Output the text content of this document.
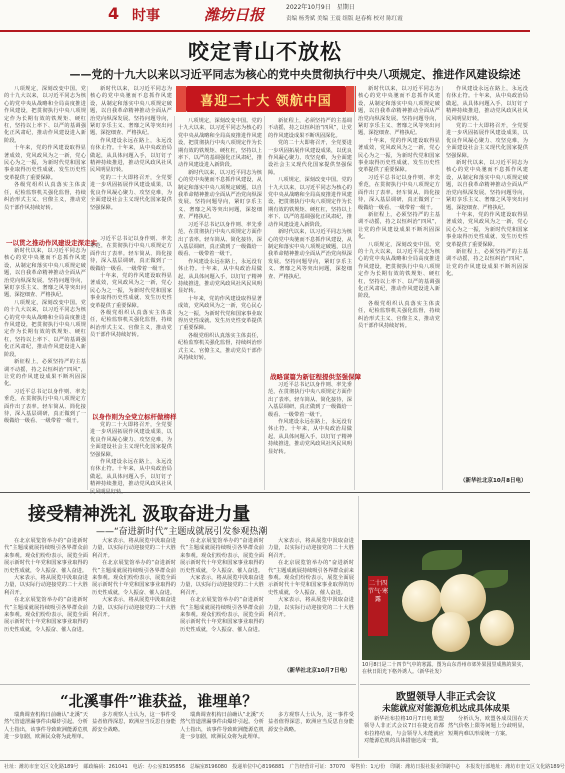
4 时事	潍坊日报	2022年10月9日　星期日
责编 杨秀斌 美编 王震 组版 赵春梅 校对 陈红霞
咬定青山不放松
——党的十九大以来以习近平同志为核心的党中央贯彻执行中央八项规定、推进作风建设综述
喜迎二十大 领航中国

八项规定，深刻改变中国。党的十九大以来，以习近平同志为核心的党中央从战略和全局高度推进作风建设，把贯彻执行中央八项规定作为长期有效的铁规矩、硬杠杠，坚持以上率下、以严的基调强化正风肃纪，推动作风建设进入新阶段。

十年来，党的作风建设取得显著成效，党风政风为之一新，党心民心为之一振，为新时代党和国家事业取得历史性成就、发生历史性变革提供了重要保障。

各级党组织认真落实主体责任，纪检监察机关强化监督，持续纠治形式主义、官僚主义，推动党员干部作风持续好转。

新时代以来，以习近平同志为核心的党中央驰而不息抓作风建设，从制定和落实中央八项规定破题，以自我革命精神推动全面从严治党向纵深发展。坚持问题导向，紧盯享乐主义、奢靡之风等突出问题，深挖细查、严格执纪。

作风建设永远在路上，永远没有休止符。十年来，从中央政治局做起，从具体问题入手，以钉钉子精神持续推进，推动党风政风社风民风明显好转。

党的二十大即将召开，全党要进一步巩固拓展作风建设成果，以优良作风凝心聚力、攻坚克难，为全面建设社会主义现代化国家提供坚强保障。

一以贯之推动作风建设走深走实

新时代以来，以习近平同志为核心的党中央驰而不息抓作风建设，从制定和落实中央八项规定破题，以自我革命精神推动全面从严治党向纵深发展。坚持问题导向，紧盯享乐主义、奢靡之风等突出问题，深挖细查、严格执纪。

八项规定，深刻改变中国。党的十九大以来，以习近平同志为核心的党中央从战略和全局高度推进作风建设，把贯彻执行中央八项规定作为长期有效的铁规矩、硬杠杠，坚持以上率下、以严的基调强化正风肃纪，推动作风建设进入新阶段。

新征程上，必须坚持严的主基调不动摇，持之以恒纠治“四风”，让党的作风建设成果不断巩固深化。

习近平总书记以身作则、率先垂范，在贯彻执行中央八项规定方面作出了表率。轻车简从、简化接待，深入基层调研，真正做到了一级做给一级看、一级带着一级干。

习近平总书记以身作则、率先垂范，在贯彻执行中央八项规定方面作出了表率。轻车简从、简化接待，深入基层调研，真正做到了一级做给一级看、一级带着一级干。

十年来，党的作风建设取得显著成效，党风政风为之一新，党心民心为之一振，为新时代党和国家事业取得历史性成就、发生历史性变革提供了重要保障。

各级党组织认真落实主体责任，纪检监察机关强化监督，持续纠治形式主义、官僚主义，推动党员干部作风持续好转。

以身作则为全党立标杆做榜样

党的二十大即将召开，全党要进一步巩固拓展作风建设成果，以优良作风凝心聚力、攻坚克难，为全面建设社会主义现代化国家提供坚强保障。

作风建设永远在路上，永远没有休止符。十年来，从中央政治局做起，从具体问题入手，以钉钉子精神持续推进，推动党风政风社风

八项规定，深刻改变中国。党的十九大以来，以习近平同志为核心的党中央从战略和全局高度推进作风建设，把贯彻执行中央八项规定作为长期有效的铁规矩、硬杠杠，坚持以上率下、以严的基调强化正风肃纪，推动作风建设进入新阶段。

新时代以来，以习近平同志为核心的党中央驰而不息抓作风建设，从制定和落实中央八项规定破题，以自我革命精神推动全面从严治党向纵深发展。坚持问题导向，紧盯享乐主义、奢靡之风等突出问题，深挖细查、严格执纪。

习近平总书记以身作则、率先垂范，在贯彻执行中央八项规定方面作出了表率。轻车简从、简化接待，深入基层调研，真正做到了一级做给一级看、一级带着一级干。

作风建设永远在路上，永远没有休止符。十年来，从中央政治局做起，从具体问题入手，以钉钉子精神持续推进，推动党风政风社风民风明显好转。

十年来，党的作风建设取得显著成效，党风政风为之一新，党心民心为之一振，为新时代党和国家事业取得历史性成就、发生历史性变革提供了重要保障。

各级党组织认真落实主体责任，纪检监察机关强化监督，持续纠治形式主义、官僚主义，推动党员干部作风持续好转。

新征程上，必须坚持严的主基调不动摇，持之以恒纠治“四风”，让党的作风建设成果不断巩固深化。

党的二十大即将召开，全党要进一步巩固拓展作风建设成果，以优良作风凝心聚力、攻坚克难，为全面建设社会主义现代化国家提供坚强保障。

八项规定，深刻改变中国。党的十九大以来，以习近平同志为核心的党中央从战略和全局高度推进作风建设，把贯彻执行中央八项规定作为长期有效的铁规矩、硬杠杠，坚持以上率下、以严的基调强化正风肃纪，推动作风建设进入新阶段。

新时代以来，以习近平同志为核心的党中央驰而不息抓作风建设，从制定和落实中央八项规定破题，以自我革命精神推动全面从严治党向纵深发展。坚持问题导向，紧盯享乐主义、奢靡之风等突出问题，深挖细查、严格执纪。

战略谋篇为新征程提供坚强保障

习近平总书记以身作则、率先垂范，在贯彻执行中央八项规定方面作出了表率。轻车简从、简化接待，深入基层调研，真正做到了一级做给一级看、一级带着一级干。

作风建设永远在路上，永远没有休止符。十年来，从中央政治局做起，从具体问题入手，以钉钉子精神持续推进，推动党风政风社风民风明显好转。

新时代以来，以习近平同志为核心的党中央驰而不息抓作风建设，从制定和落实中央八项规定破题，以自我革命精神推动全面从严治党向纵深发展。坚持问题导向，紧盯享乐主义、奢靡之风等突出问题，深挖细查、严格执纪。

十年来，党的作风建设取得显著成效，党风政风为之一新，党心民心为之一振，为新时代党和国家事业取得历史性成就、发生历史性变革提供了重要保障。

习近平总书记以身作则、率先垂范，在贯彻执行中央八项规定方面作出了表率。轻车简从、简化接待，深入基层调研，真正做到了一级做给一级看、一级带着一级干。

新征程上，必须坚持严的主基调不动摇，持之以恒纠治“四风”，让党的作风建设成果不断巩固深化。

八项规定，深刻改变中国。党的十九大以来，以习近平同志为核心的党中央从战略和全局高度推进作风建设，把贯彻执行中央八项规定作为长期有效的铁规矩、硬杠杠，坚持以上率下、以严的基调强化正风肃纪，推动作风建设进入新阶段。

各级党组织认真落实主体责任，纪检监察机关强化监督，持续纠治形式主义、官僚主义，推动党员干部作风持续好转。

作风建设永远在路上，永远没有休止符。十年来，从中央政治局做起，从具体问题入手，以钉钉子精神持续推进，推动党风政风社风民风明显好转。

党的二十大即将召开，全党要进一步巩固拓展作风建设成果，以优良作风凝心聚力、攻坚克难，为全面建设社会主义现代化国家提供坚强保障。

新时代以来，以习近平同志为核心的党中央驰而不息抓作风建设，从制定和落实中央八项规定破题，以自我革命精神推动全面从严治党向纵深发展。坚持问题导向，紧盯享乐主义、奢靡之风等突出问题，深挖细查、严格执纪。

十年来，党的作风建设取得显著成效，党风政风为之一新，党心民心为之一振，为新时代党和国家事业取得历史性成就、发生历史性变革提供了重要保障。

新征程上，必须坚持严的主基调不动摇，持之以恒纠治“四风”，让党的作风建设成果不断巩固深化。

（新华社北京10月8日电）
接受精神洗礼 汲取奋进力量
——“奋进新时代”主题成就展引发参观热潮

在北京展览馆举办的“奋进新时代”主题成就展持续吸引各界群众前来参观。观众们纷纷表示，展览全面展示新时代十年党和国家事业取得的历史性成就，令人振奋、催人奋进。

大家表示，将从展览中汲取奋进力量，以实际行动迎接党的二十大胜利召开。

在北京展览馆举办的“奋进新时代”主题成就展持续吸引各界群众前来参观。观众们纷纷表示，展览全面展示新时代十年党和国家事业取得的历史性成就，令人振奋、催人奋进。

大家表示，将从展览中汲取奋进力量，以实际行动迎接党的二十大胜利召开。

在北京展览馆举办的“奋进新时代”主题成就展持续吸引各界群众前来参观。观众们纷纷表示，展览全面展示新时代十年党和国家事业取得的历史性成就，令人振奋、催人奋进。

大家表示，将从展览中汲取奋进力量，以实际行动迎接党的二十大胜利召开。

在北京展览馆举办的“奋进新时代”主题成就展持续吸引各界群众前来参观。观众们纷纷表示，展览全面展示新时代十年党和国家事业取得的历史性成就，令人振奋、催人奋进。

大家表示，将从展览中汲取奋进力量，以实际行动迎接党的二十大胜利召开。

在北京展览馆举办的“奋进新时代”主题成就展持续吸引各界群众前来参观。观众们纷纷表示，展览全面展示新时代十年党和国家事业取得的历史性成就，令人振奋、催人奋进。

大家表示，将从展览中汲取奋进力量，以实际行动迎接党的二十大胜利召开。

在北京展览馆举办的“奋进新时代”主题成就展持续吸引各界群众前来参观。观众们纷纷表示，展览全面展示新时代十年党和国家事业取得的历史性成就，令人振奋、催人奋进。

大家表示，将从展览中汲取奋进力量，以实际行动迎接党的二十大胜利召开。

（新华社北京10月7日电）
二十四节气·寒露
10月8日是二十四节气中的寒露。图为山东青州市郊外果园里成熟的果实，在秋日阳光下格外诱人。（新华社发）
“北溪事件”谁获益，谁埋单？

瑞典调查机构日前确认“北溪”天然气管道泄漏事件由爆炸引起。分析人士指出，该事件导致欧洲能源危机进一步加剧，欧洲民众将为此埋单。

多方观察人士认为，这一事件受益者值得深思，欧洲应当反思自身能源安全战略。

瑞典调查机构日前确认“北溪”天然气管道泄漏事件由爆炸引起。分析人士指出，该事件导致欧洲能源危机进一步加剧，欧洲民众将为此埋单。

多方观察人士认为，这一事件受益者值得深思，欧洲应当反思自身能源安全战略。

欧盟领导人非正式会议
未能就应对能源危机达成具体成果

新华社布拉格10月7日电 欧盟领导人非正式会议7日在捷克首都布拉格结束，与会领导人未能就应对能源危机的具体措施达成一致。

分析认为，欧盟各成员国在天然气价格上限等问题上分歧明显，短期内难以形成统一方案。

社址：潍坊市奎文区文化路189号　邮政编码：261041　电话：办公室8195856　总编室8196080　投递单位中心8196881　广告经营许可证：37070　零售价：1元/份　印刷：潍坊日报社报业印刷中心　本报发行部地址：潍坊市奎文区文化路189号
